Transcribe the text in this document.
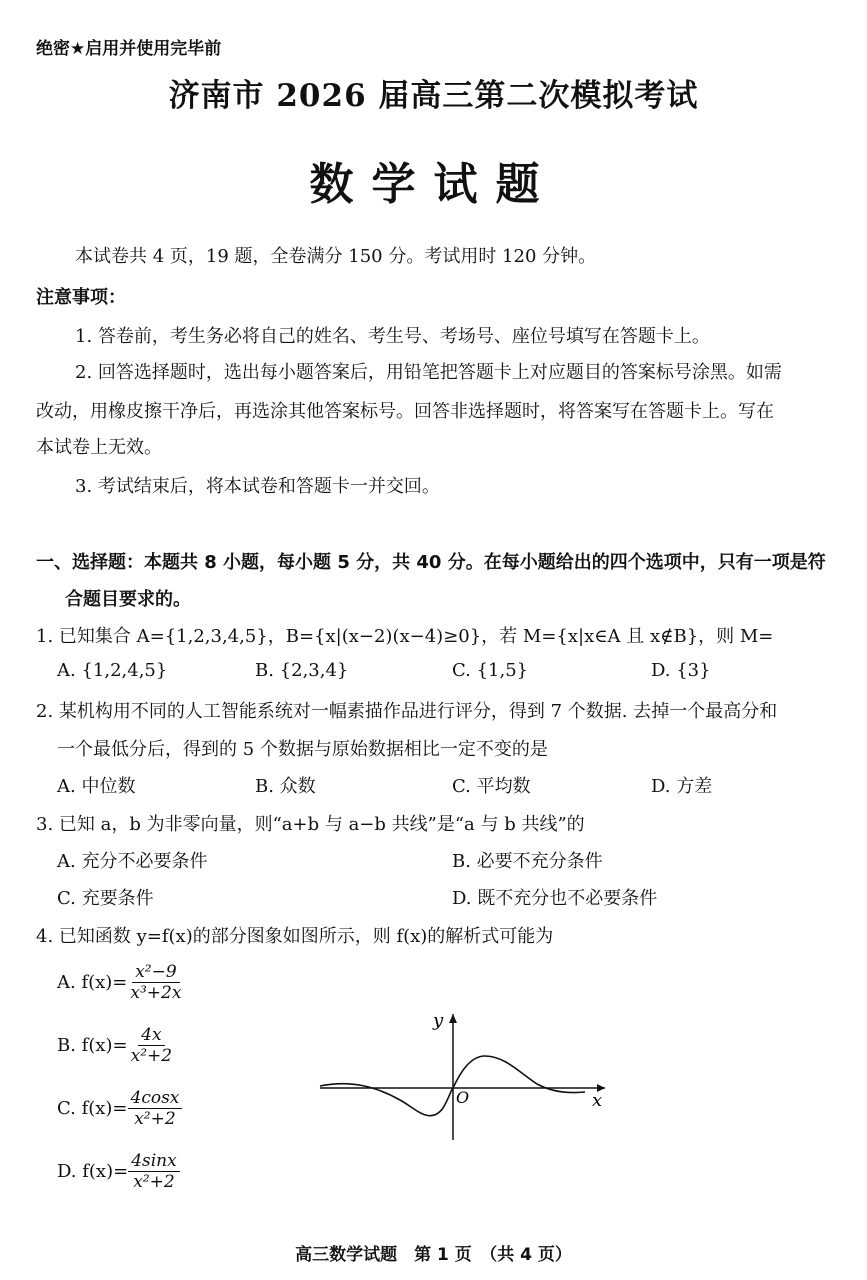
绝密★启用并使用完毕前
济南市 2026 届高三第二次模拟考试
数学试题
本试卷共 4 页，19 题，全卷满分 150 分。考试用时 120 分钟。
注意事项：
1. 答卷前，考生务必将自己的姓名、考生号、考场号、座位号填写在答题卡上。
2. 回答选择题时，选出每小题答案后，用铅笔把答题卡上对应题目的答案标号涂黑。如需
改动，用橡皮擦干净后，再选涂其他答案标号。回答非选择题时，将答案写在答题卡上。写在
本试卷上无效。
3. 考试结束后，将本试卷和答题卡一并交回。
一、选择题：本题共 8 小题，每小题 5 分，共 40 分。在每小题给出的四个选项中，只有一项是符
合题目要求的。
1. 已知集合 A={1,2,3,4,5}，B={x|(x−2)(x−4)≥0}，若 M={x|x∈A 且 x∉B}，则 M=
A. {1,2,4,5}	B. {2,3,4}	C. {1,5}	D. {3}
2. 某机构用不同的人工智能系统对一幅素描作品进行评分，得到 7 个数据. 去掉一个最高分和
一个最低分后，得到的 5 个数据与原始数据相比一定不变的是
A. 中位数	B. 众数	C. 平均数	D. 方差
3. 已知 a，b 为非零向量，则“a+b 与 a−b 共线”是“a 与 b 共线”的
A. 充分不必要条件	B. 必要不充分条件
C. 充要条件	D. 既不充分也不必要条件
4. 已知函数 y=f(x)的部分图象如图所示，则 f(x)的解析式可能为
A. $f(x)= \frac{\text{x²−9}}{\text{x³+2x}}$
B. $f(x)= \frac{4x}{\text{x²+2}}$
C. $f(x)= \frac{4\cos x}{\text{x²+2}}$
D. $f(x)= \frac{4\sin x}{\text{x²+2}}$
y
x
O
高三数学试题　第 1 页　（共 4 页）
